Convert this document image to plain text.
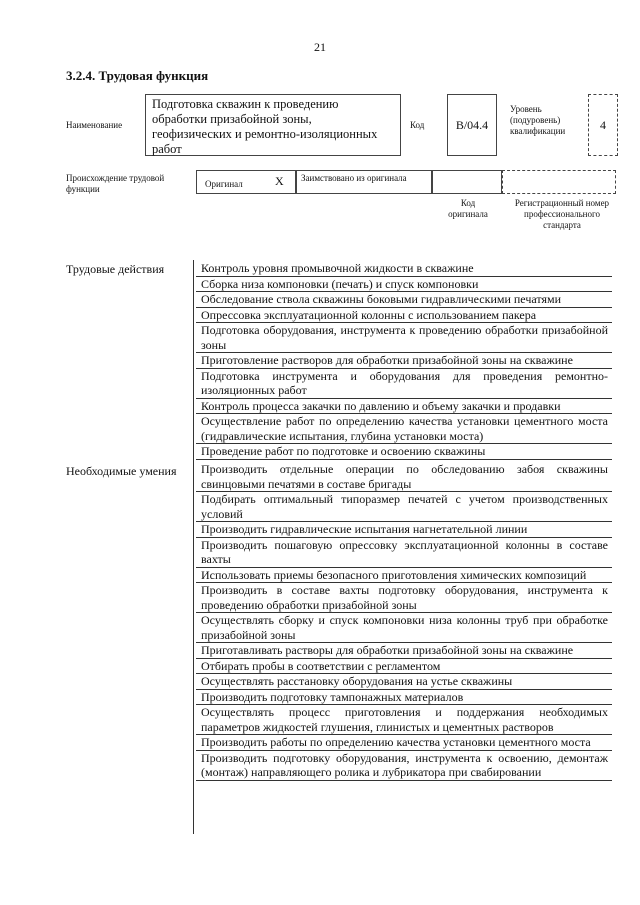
21
3.2.4. Трудовая функция
Наименование
Подготовка скважин к проведению обработки призабойной зоны, геофизических и ремонтно-изоляционных работ
Код	B/04.4
Уровень (подуровень) квалификации	4
Происхождение трудовой функции	Оригинал	X	Заимствовано из оригинала
Код оригинала
Регистрационный номер профессионального стандарта
Трудовые действия	Контроль уровня промывочной жидкости в скважине
Сборка низа компоновки (печать) и спуск компоновки
Обследование ствола скважины боковыми гидравлическими печатями
Опрессовка эксплуатационной колонны с использованием пакера
Подготовка оборудования, инструмента к проведению обработки призабойной зоны
Приготовление растворов для обработки призабойной зоны на скважине
Подготовка инструмента и оборудования для проведения ремонтно-изоляционных работ
Контроль процесса закачки по давлению и объему закачки и продавки
Осуществление работ по определению качества установки цементного моста (гидравлические испытания, глубина установки моста)
Проведение работ по подготовке и освоению скважины
Необходимые умения	Производить отдельные операции по обследованию забоя скважины свинцовыми печатями в составе бригады
Подбирать оптимальный типоразмер печатей с учетом производственных условий
Производить гидравлические испытания нагнетательной линии
Производить пошаговую опрессовку эксплуатационной колонны в составе вахты
Использовать приемы безопасного приготовления химических композиций
Производить в составе вахты подготовку оборудования, инструмента к проведению обработки призабойной зоны
Осуществлять сборку и спуск компоновки низа колонны труб при обработке призабойной зоны
Приготавливать растворы для обработки призабойной зоны на скважине
Отбирать пробы в соответствии с регламентом
Осуществлять расстановку оборудования на устье скважины
Производить подготовку тампонажных материалов
Осуществлять процесс приготовления и поддержания необходимых параметров жидкостей глушения, глинистых и цементных растворов
Производить работы по определению качества установки цементного моста
Производить подготовку оборудования, инструмента к освоению, демонтаж (монтаж) направляющего ролика и лубрикатора при свабировании
